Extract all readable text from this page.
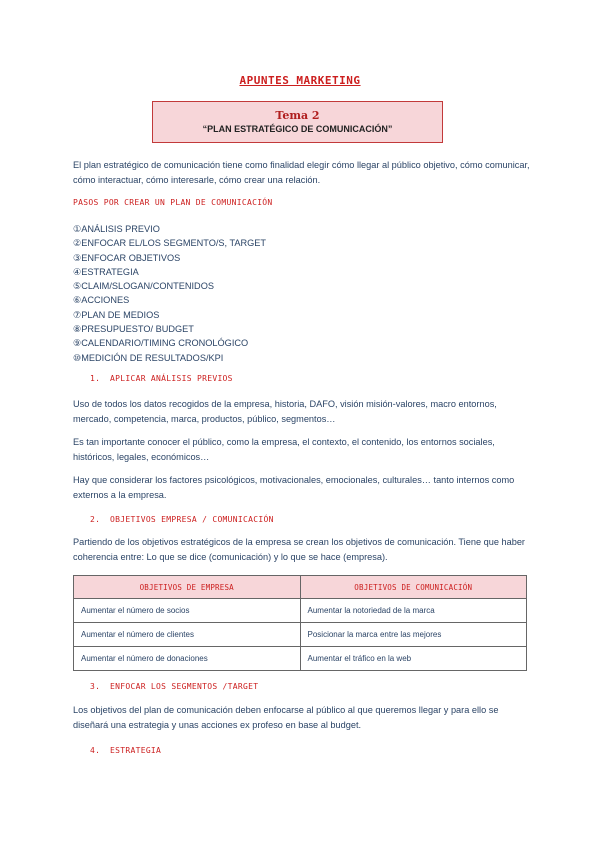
APUNTES MARKETING
Tema 2
“PLAN ESTRATÉGICO DE COMUNICACIÓN”
El plan estratégico de comunicación tiene como finalidad elegir cómo llegar al público objetivo, cómo comunicar, cómo interactuar, cómo interesarle, cómo crear una relación.
PASOS POR CREAR UN PLAN DE COMUNICACIÓN
①ANÁLISIS PREVIO
②ENFOCAR EL/LOS SEGMENTO/S, TARGET
③ENFOCAR OBJETIVOS
④ESTRATEGIA
⑤CLAIM/SLOGAN/CONTENIDOS
⑥ACCIONES
⑦PLAN DE MEDIOS
⑧PRESUPUESTO/ BUDGET
⑨CALENDARIO/TIMING CRONOLÓGICO
⑩MEDICIÓN DE RESULTADOS/KPI
1. APLICAR ANÁLISIS PREVIOS
Uso de todos los datos recogidos de la empresa, historia, DAFO, visión misión-valores, macro entornos, mercado, competencia, marca, productos, público, segmentos…
Es tan importante conocer el público, como la empresa, el contexto, el contenido, los entornos sociales, históricos, legales, económicos…
Hay que considerar los factores psicológicos, motivacionales, emocionales, culturales… tanto internos como externos a la empresa.
2. OBJETIVOS EMPRESA / COMUNICACIÓN
Partiendo de los objetivos estratégicos de la empresa se crean los objetivos de comunicación. Tiene que haber coherencia entre: Lo que se dice (comunicación) y lo que se hace (empresa).
OBJETIVOS DE EMPRESA	OBJETIVOS DE COMUNICACIÓN
Aumentar el número de socios	Aumentar la notoriedad de la marca
Aumentar el número de clientes	Posicionar la marca entre las mejores
Aumentar el número de donaciones	Aumentar el tráfico en la web
3. ENFOCAR LOS SEGMENTOS /TARGET
Los objetivos del plan de comunicación deben enfocarse al público al que queremos llegar y para ello se diseñará una estrategia y unas acciones ex profeso en base al budget.
4. ESTRATEGIA
